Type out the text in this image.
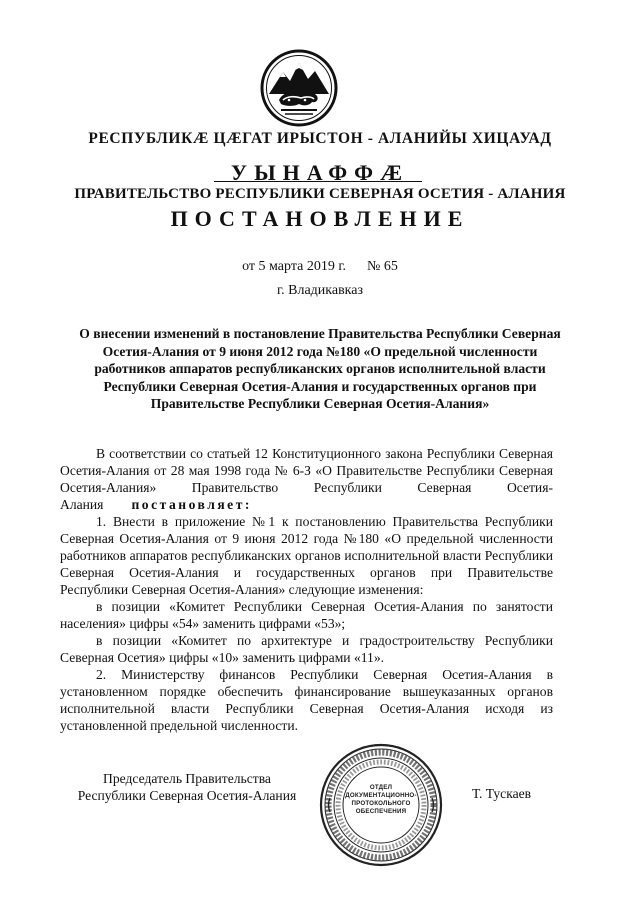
РЕСПУБЛИКӔ ЦӔГАТ ИРЫСТОН - АЛАНИЙЫ ХИЦАУАД
УЫНАФФӔ
ПРАВИТЕЛЬСТВО РЕСПУБЛИКИ СЕВЕРНАЯ ОСЕТИЯ - АЛАНИЯ
ПОСТАНОВЛЕНИЕ
от 5 марта 2019 г. № 65
г. Владикавказ

О внесении изменений в постановление Правительства Республики Северная Осетия-Алания от 9 июня 2012 года №180 «О предельной численности работников аппаратов республиканских органов исполнительной власти Республики Северная Осетия-Алания и государственных органов при Правительстве Республики Северная Осетия-Алания»

В соответствии со статьей 12 Конституционного закона Республики Северная Осетия-Алания от 28 мая 1998 года № 6-З «О Правительстве Республики Северная Осетия-Алания» Правительство Республики Северная Осетия-Алания постановляет:

1. Внести в приложение №1 к постановлению Правительства Республики Северная Осетия-Алания от 9 июня 2012 года №180 «О предельной численности работников аппаратов республиканских органов исполнительной власти Республики Северная Осетия-Алания и государственных органов при Правительстве Республики Северная Осетия-Алания» следующие изменения:

в позиции «Комитет Республики Северная Осетия-Алания по занятости населения» цифры «54» заменить цифрами «53»;

в позиции «Комитет по архитектуре и градостроительству Республики Северная Осетия» цифры «10» заменить цифрами «11».

2. Министерству финансов Республики Северная Осетия-Алания в установленном порядке обеспечить финансирование вышеуказанных органов исполнительной власти Республики Северная Осетия-Алания исходя из установленной предельной численности.

Председатель Правительства
Республики Северная Осетия-Алания
ОТДЕЛ ДОКУМЕНТАЦИОННО-ПРОТОКОЛЬНОГО ОБЕСПЕЧЕНИЯ
Т. Тускаев
